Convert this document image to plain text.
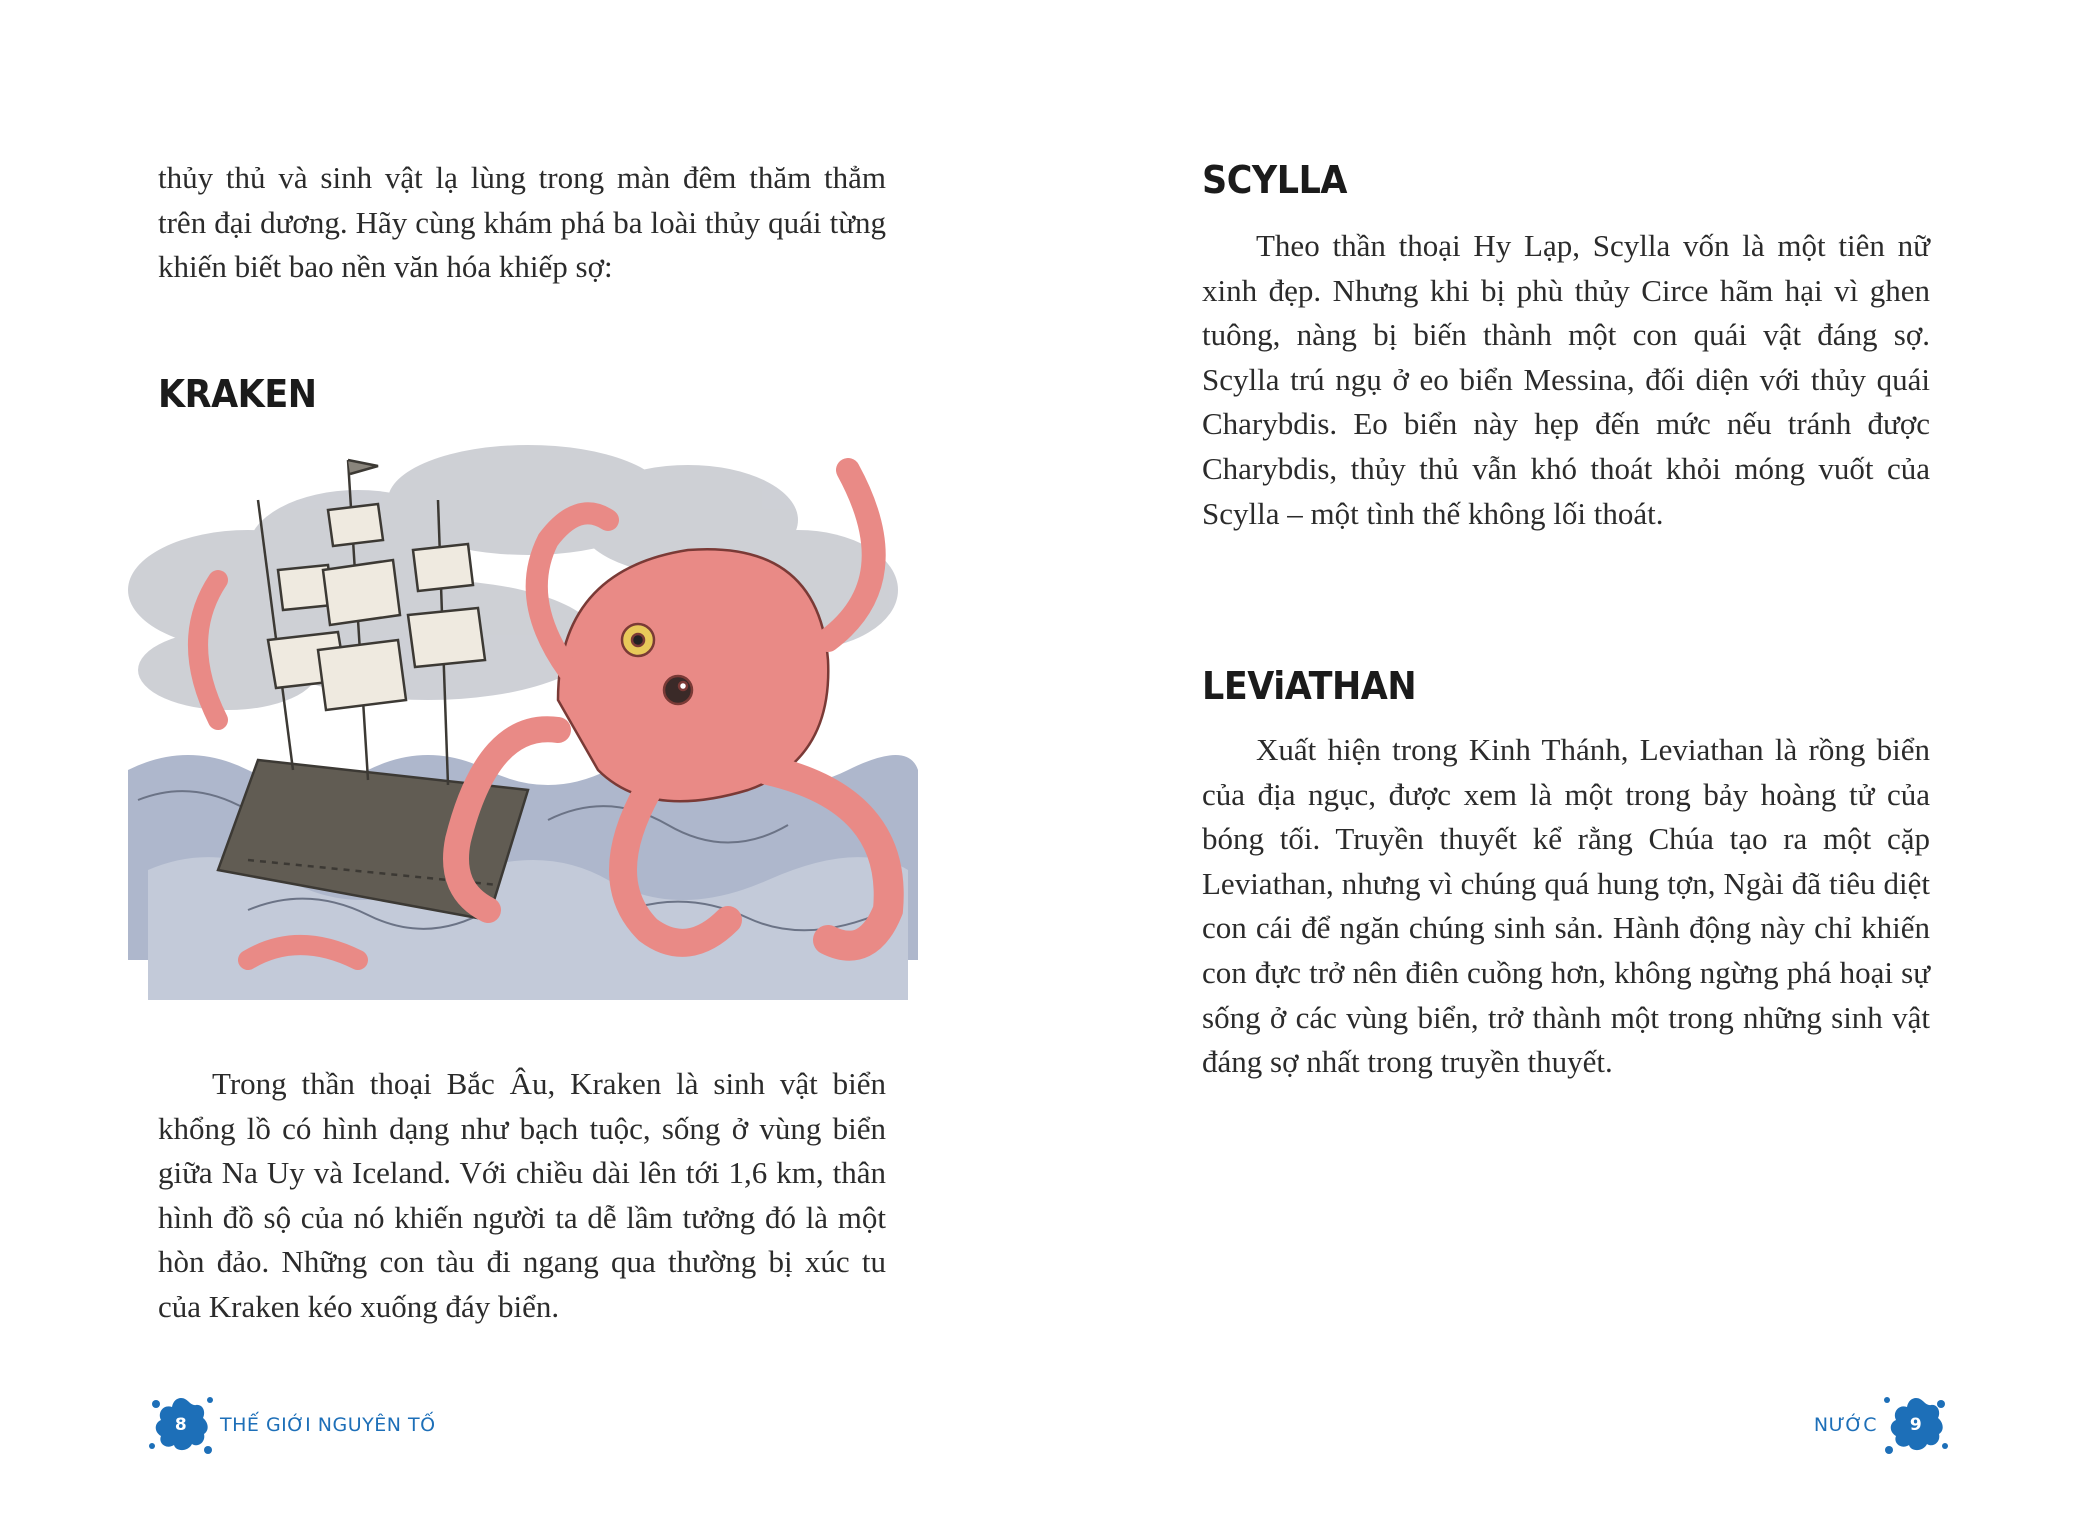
thủy thủ và sinh vật lạ lùng trong màn đêm thăm thẳm trên đại dương. Hãy cùng khám phá ba loài thủy quái từng khiến biết bao nền văn hóa khiếp sợ:

KRAKEN

Trong thần thoại Bắc Âu, Kraken là sinh vật biển khổng lồ có hình dạng như bạch tuộc, sống ở vùng biển giữa Na Uy và Iceland. Với chiều dài lên tới 1,6 km, thân hình đồ sộ của nó khiến người ta dễ lầm tưởng đó là một hòn đảo. Những con tàu đi ngang qua thường bị xúc tu của Kraken kéo xuống đáy biển.

8 THẾ GIỚI NGUYÊN TỐ
SCYLLA

Theo thần thoại Hy Lạp, Scylla vốn là một tiên nữ xinh đẹp. Nhưng khi bị phù thủy Circe hãm hại vì ghen tuông, nàng bị biến thành một con quái vật đáng sợ. Scylla trú ngụ ở eo biển Messina, đối diện với thủy quái Charybdis. Eo biển này hẹp đến mức nếu tránh được Charybdis, thủy thủ vẫn khó thoát khỏi móng vuốt của Scylla – một tình thế không lối thoát.

LEViATHAN

Xuất hiện trong Kinh Thánh, Leviathan là rồng biển của địa ngục, được xem là một trong bảy hoàng tử của bóng tối. Truyền thuyết kể rằng Chúa tạo ra một cặp Leviathan, nhưng vì chúng quá hung tợn, Ngài đã tiêu diệt con cái để ngăn chúng sinh sản. Hành động này chỉ khiến con đực trở nên điên cuồng hơn, không ngừng phá hoại sự sống ở các vùng biển, trở thành một trong những sinh vật đáng sợ nhất trong truyền thuyết.

NƯỚC 9
